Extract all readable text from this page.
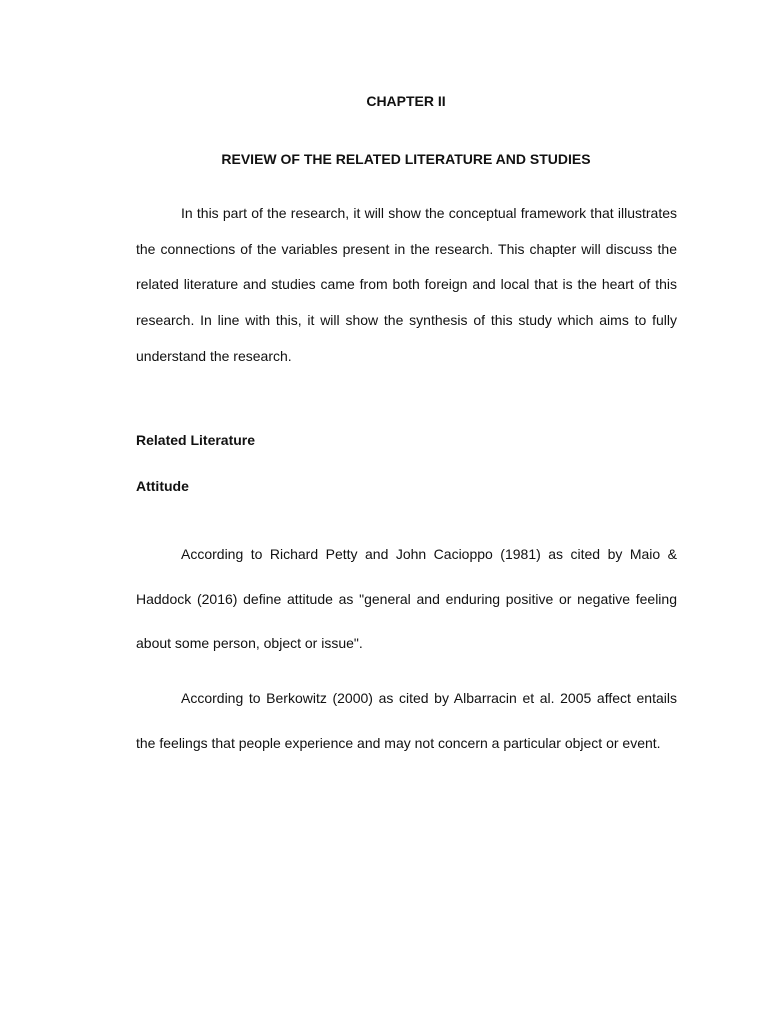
CHAPTER II
REVIEW OF THE RELATED LITERATURE AND STUDIES

In this part of the research, it will show the conceptual framework that illustrates the connections of the variables present in the research. This chapter will discuss the related literature and studies came from both foreign and local that is the heart of this research. In line with this, it will show the synthesis of this study which aims to fully understand the research.

Related Literature
Attitude

According to Richard Petty and John Cacioppo (1981) as cited by Maio & Haddock (2016) define attitude as "general and enduring positive or negative feeling about some person, object or issue".

According to Berkowitz (2000) as cited by Albarracin et al. 2005 affect entails the feelings that people experience and may not concern a particular object or event.
